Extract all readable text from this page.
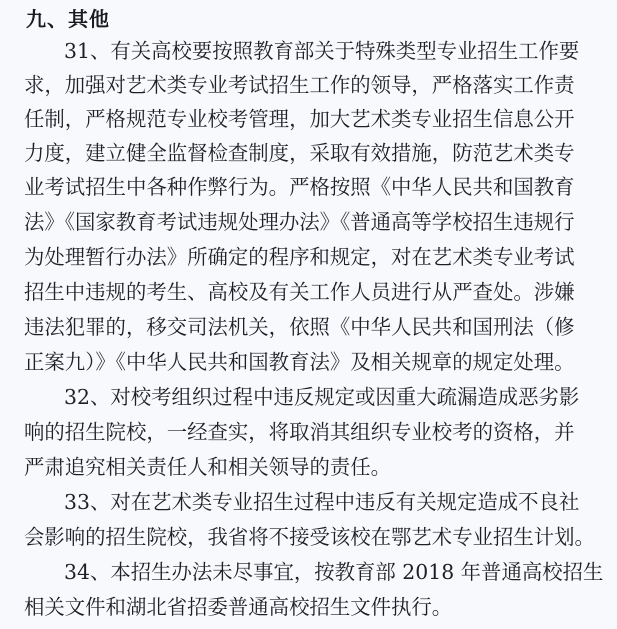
九、其他
31、有关高校要按照教育部关于特殊类型专业招生工作要
求，加强对艺术类专业考试招生工作的领导，严格落实工作责
任制，严格规范专业校考管理，加大艺术类专业招生信息公开
力度，建立健全监督检查制度，采取有效措施，防范艺术类专
业考试招生中各种作弊行为。严格按照《中华人民共和国教育
法》《国家教育考试违规处理办法》《普通高等学校招生违规行
为处理暂行办法》所确定的程序和规定，对在艺术类专业考试
招生中违规的考生、高校及有关工作人员进行从严查处。涉嫌
违法犯罪的，移交司法机关，依照《中华人民共和国刑法（修
正案九）》《中华人民共和国教育法》及相关规章的规定处理。
32、对校考组织过程中违反规定或因重大疏漏造成恶劣影
响的招生院校，一经查实，将取消其组织专业校考的资格，并
严肃追究相关责任人和相关领导的责任。
33、对在艺术类专业招生过程中违反有关规定造成不良社
会影响的招生院校，我省将不接受该校在鄂艺术专业招生计划。
34、本招生办法未尽事宜，按教育部 2018 年普通高校招生
相关文件和湖北省招委普通高校招生文件执行。
